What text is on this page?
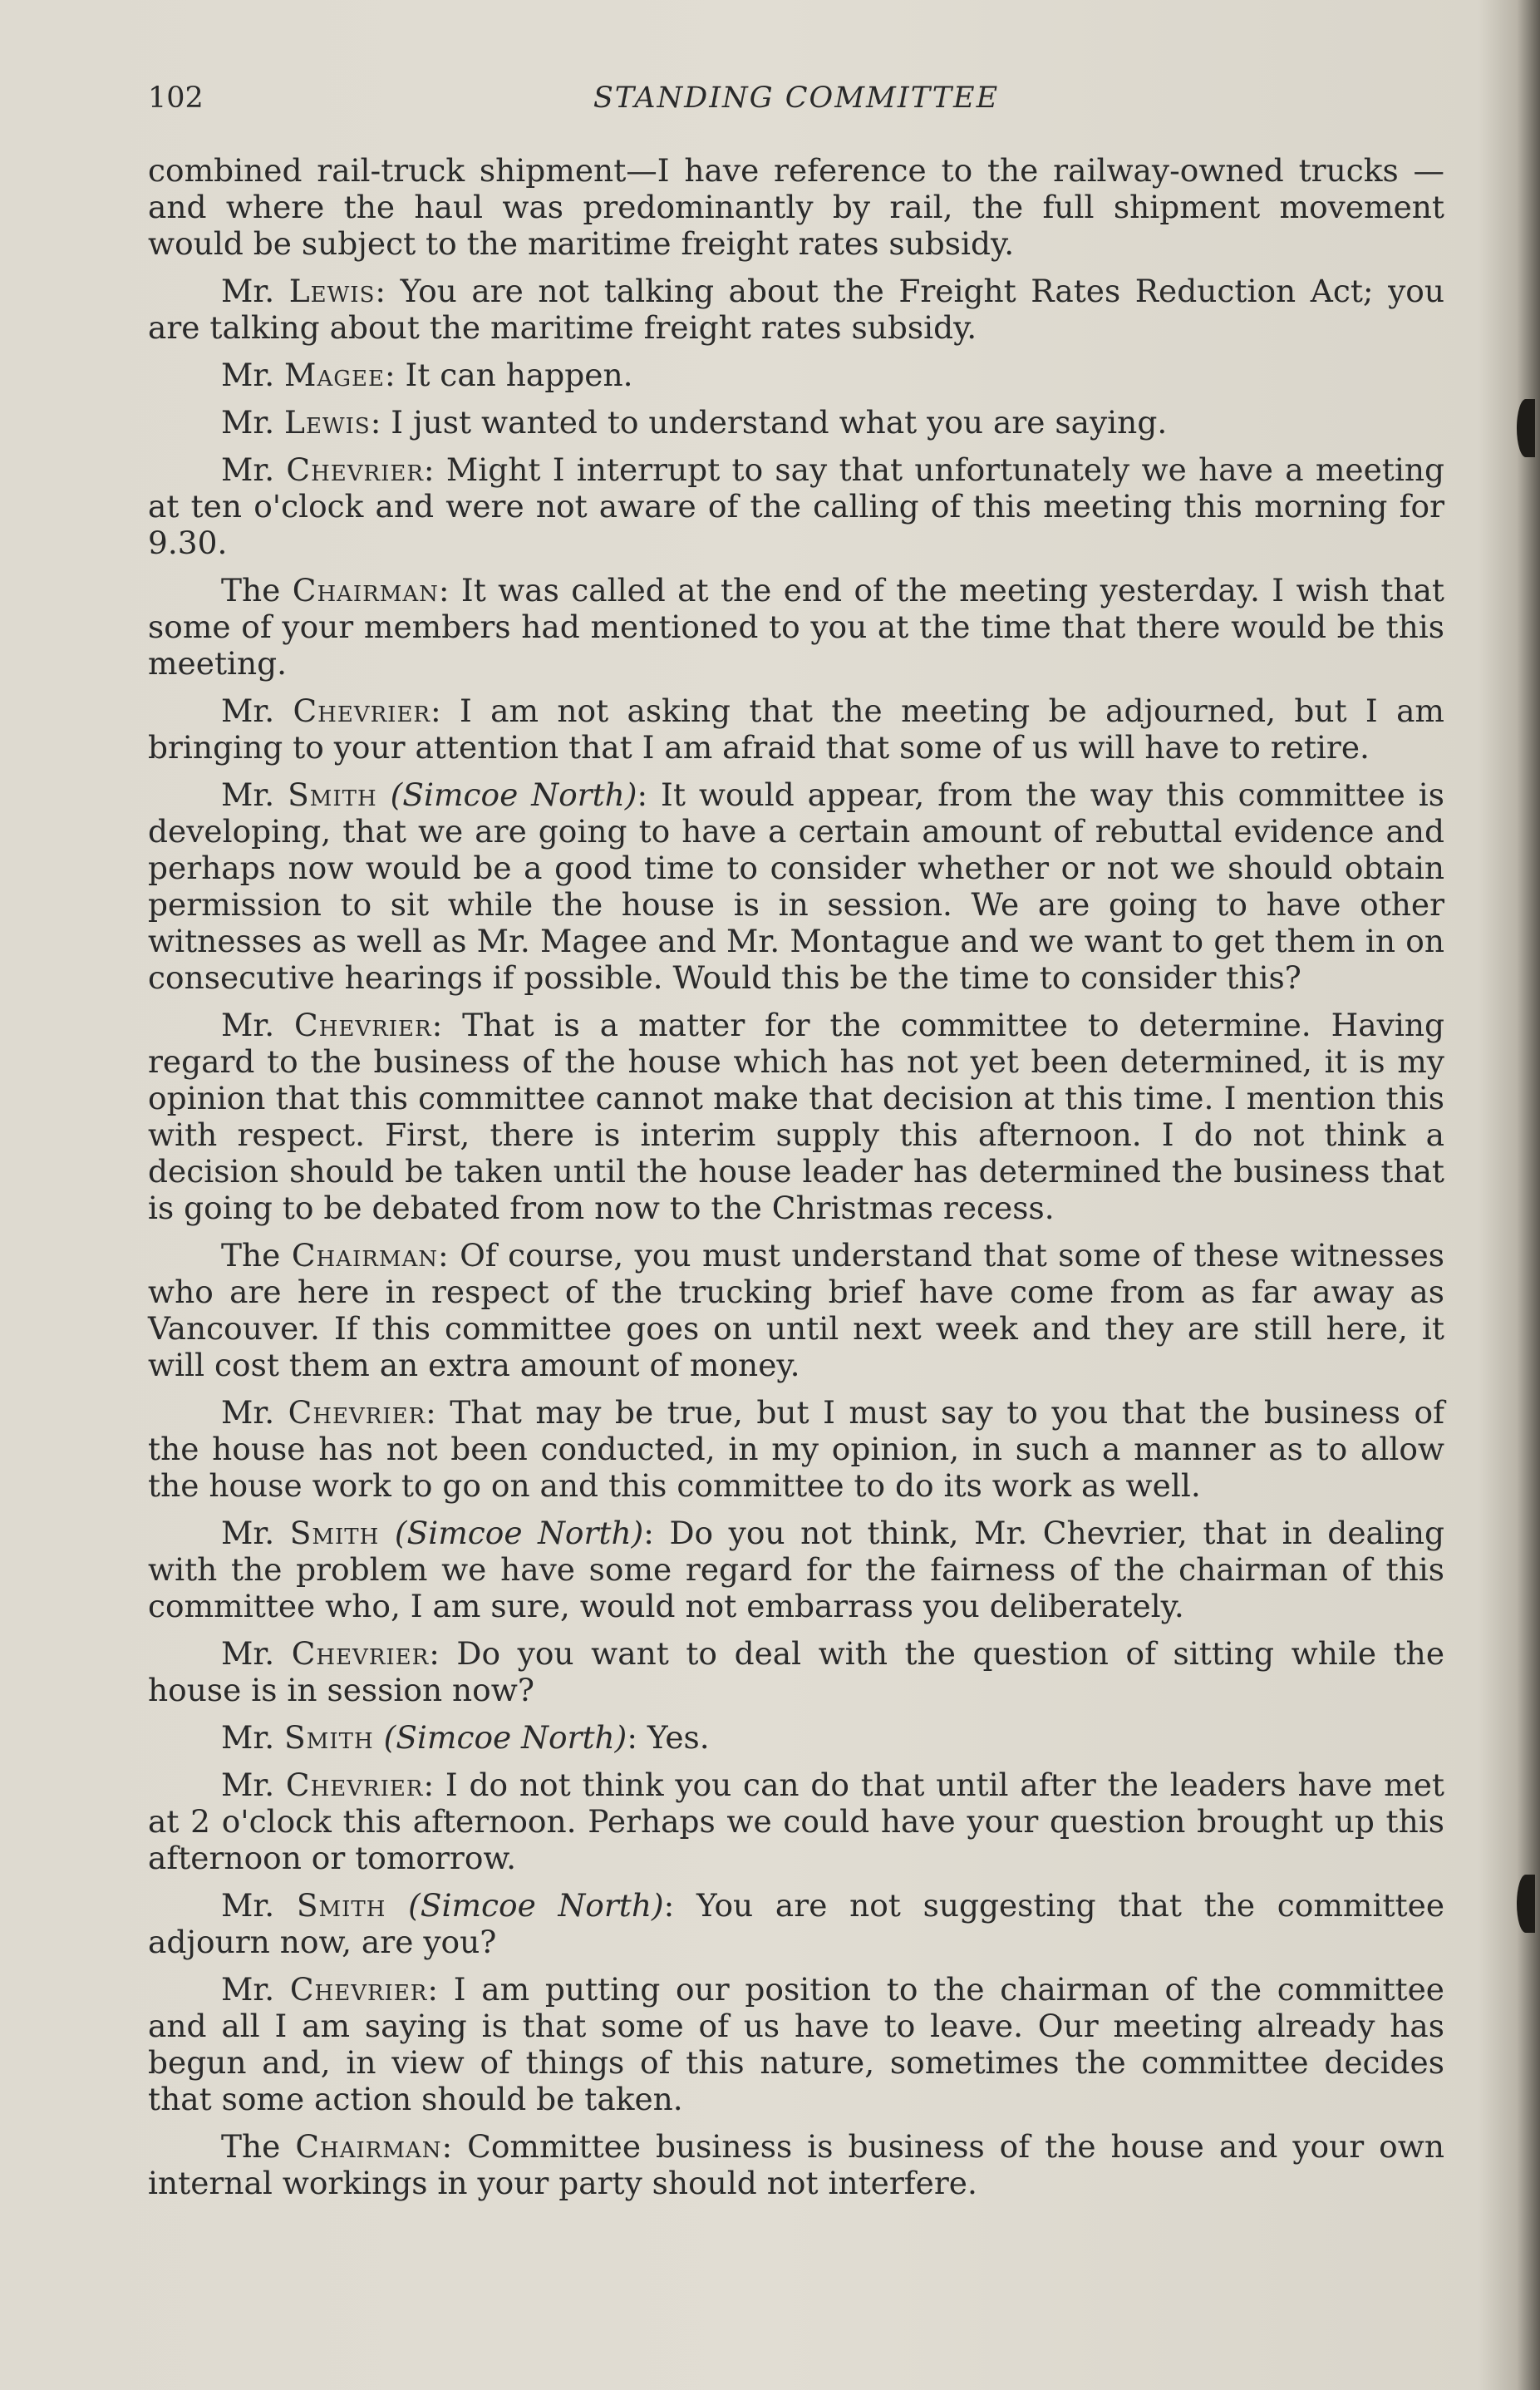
102	STANDING COMMITTEE

combined rail-truck shipment—I have reference to the railway-owned trucks —and where the haul was predominantly by rail, the full shipment movement would be subject to the maritime freight rates subsidy.

Mr. Lewis: You are not talking about the Freight Rates Reduction Act; you are talking about the maritime freight rates subsidy.

Mr. Magee: It can happen.

Mr. Lewis: I just wanted to understand what you are saying.

Mr. Chevrier: Might I interrupt to say that unfortunately we have a meeting at ten o'clock and were not aware of the calling of this meeting this morning for 9.30.

The Chairman: It was called at the end of the meeting yesterday. I wish that some of your members had mentioned to you at the time that there would be this meeting.

Mr. Chevrier: I am not asking that the meeting be adjourned, but I am bringing to your attention that I am afraid that some of us will have to retire.

Mr. Smith (Simcoe North): It would appear, from the way this committee is developing, that we are going to have a certain amount of rebuttal evidence and perhaps now would be a good time to consider whether or not we should obtain permission to sit while the house is in session. We are going to have other witnesses as well as Mr. Magee and Mr. Montague and we want to get them in on consecutive hearings if possible. Would this be the time to consider this?

Mr. Chevrier: That is a matter for the committee to determine. Having regard to the business of the house which has not yet been determined, it is my opinion that this committee cannot make that decision at this time. I mention this with respect. First, there is interim supply this afternoon. I do not think a decision should be taken until the house leader has determined the business that is going to be debated from now to the Christmas recess.

The Chairman: Of course, you must understand that some of these witnesses who are here in respect of the trucking brief have come from as far away as Vancouver. If this committee goes on until next week and they are still here, it will cost them an extra amount of money.

Mr. Chevrier: That may be true, but I must say to you that the business of the house has not been conducted, in my opinion, in such a manner as to allow the house work to go on and this committee to do its work as well.

Mr. Smith (Simcoe North): Do you not think, Mr. Chevrier, that in dealing with the problem we have some regard for the fairness of the chairman of this committee who, I am sure, would not embarrass you deliberately.

Mr. Chevrier: Do you want to deal with the question of sitting while the house is in session now?

Mr. Smith (Simcoe North): Yes.

Mr. Chevrier: I do not think you can do that until after the leaders have met at 2 o'clock this afternoon. Perhaps we could have your question brought up this afternoon or tomorrow.

Mr. Smith (Simcoe North): You are not suggesting that the committee adjourn now, are you?

Mr. Chevrier: I am putting our position to the chairman of the committee and all I am saying is that some of us have to leave. Our meeting already has begun and, in view of things of this nature, sometimes the committee decides that some action should be taken.

The Chairman: Committee business is business of the house and your own internal workings in your party should not interfere.
